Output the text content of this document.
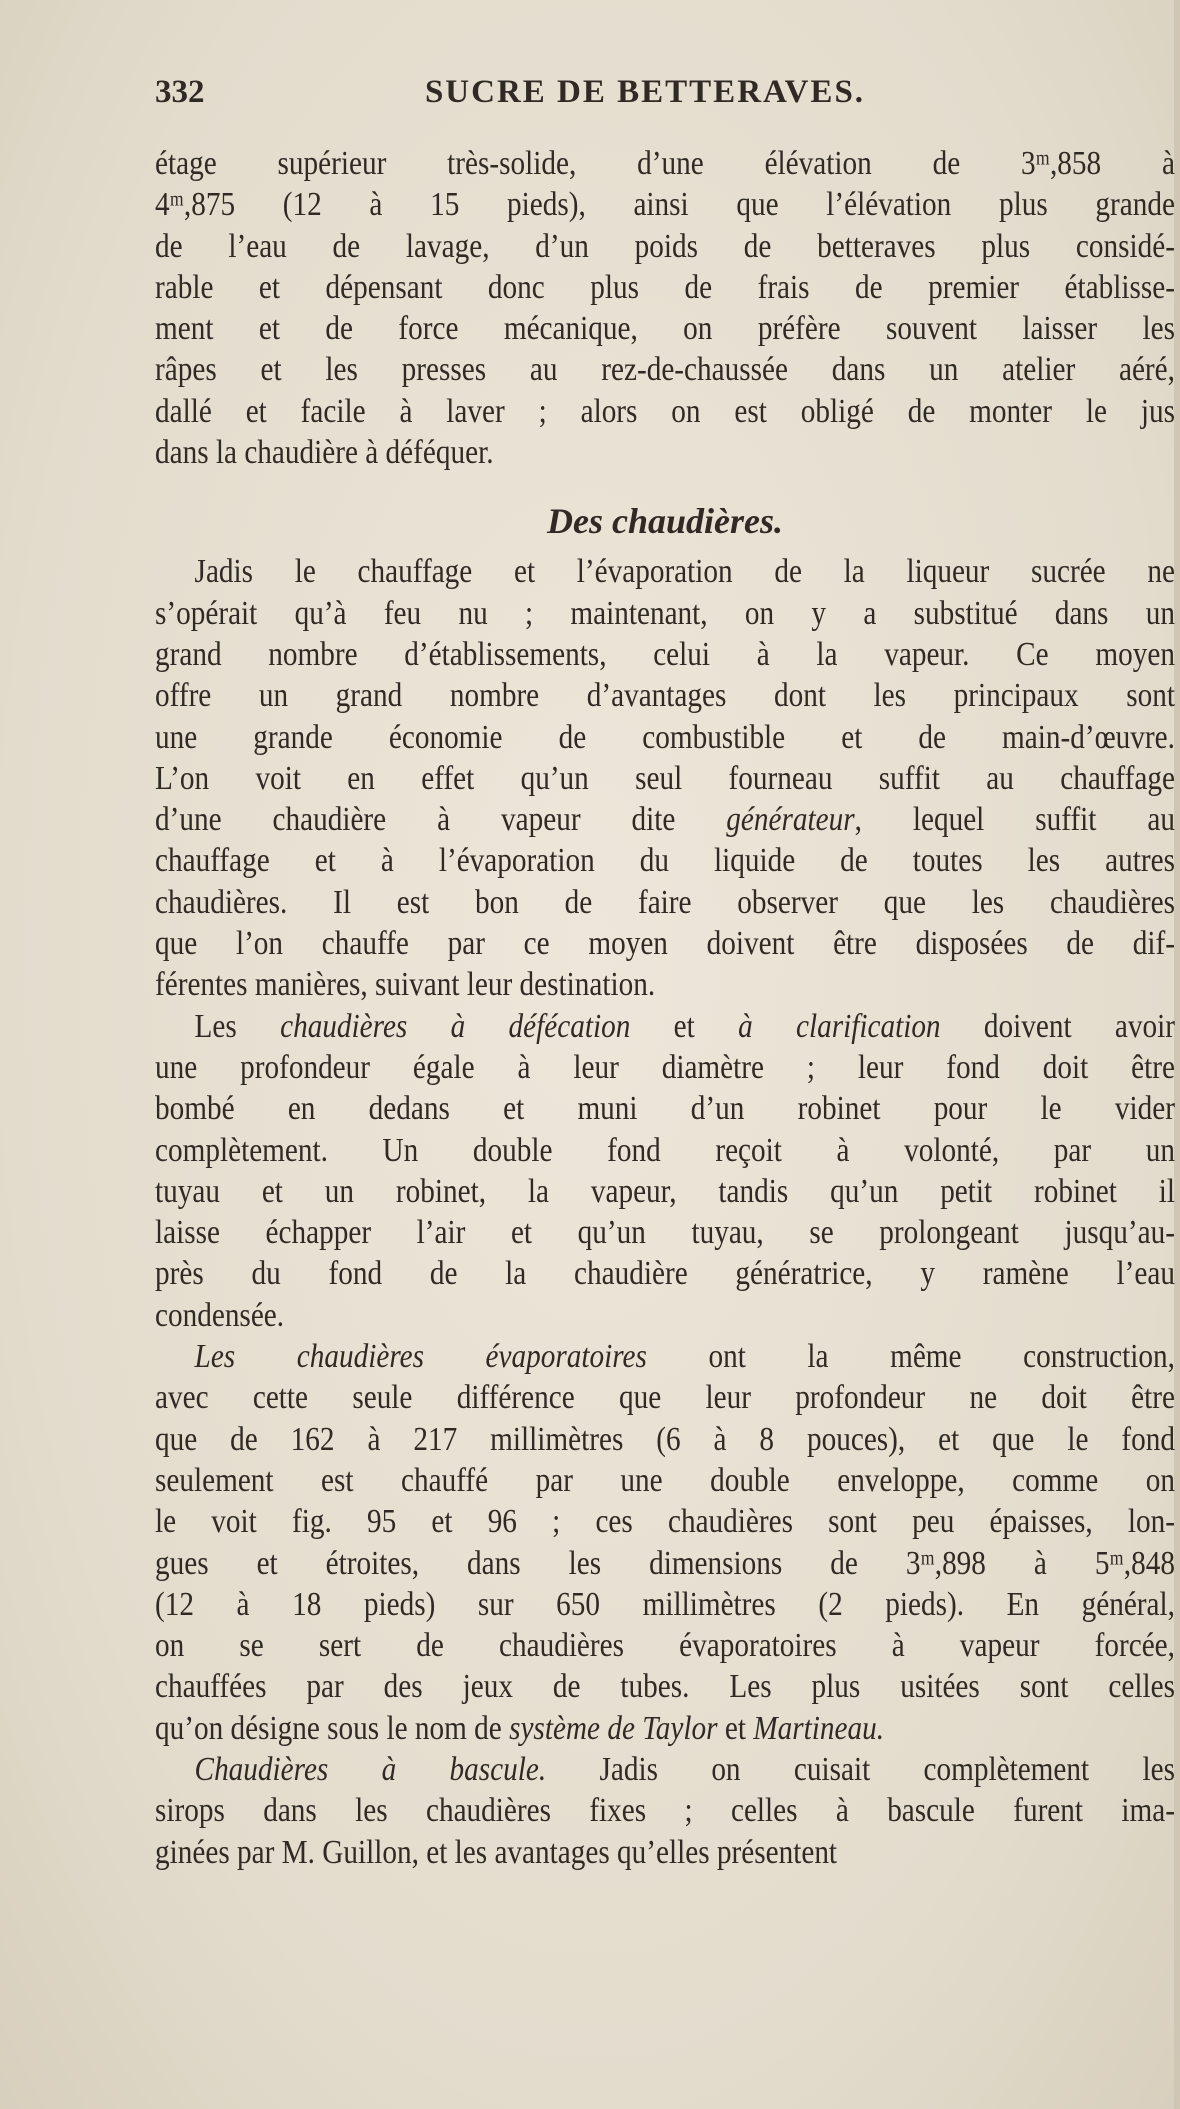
332	SUCRE DE BETTERAVES.
étage supérieur très-solide, d’une élévation de 3ᵐ,858 à
4ᵐ,875 (12 à 15 pieds), ainsi que l’élévation plus grande
de l’eau de lavage, d’un poids de betteraves plus considé-
rable et dépensant donc plus de frais de premier établisse-
ment et de force mécanique, on préfère souvent laisser les
râpes et les presses au rez-de-chaussée dans un atelier aéré,
dallé et facile à laver ; alors on est obligé de monter le jus
dans la chaudière à déféquer.
Des chaudières.
Jadis le chauffage et l’évaporation de la liqueur sucrée ne
s’opérait qu’à feu nu ; maintenant, on y a substitué dans un
grand nombre d’établissements, celui à la vapeur. Ce moyen
offre un grand nombre d’avantages dont les principaux sont
une grande économie de combustible et de main-d’œuvre.
L’on voit en effet qu’un seul fourneau suffit au chauffage
d’une chaudière à vapeur dite générateur, lequel suffit au
chauffage et à l’évaporation du liquide de toutes les autres
chaudières. Il est bon de faire observer que les chaudières
que l’on chauffe par ce moyen doivent être disposées de dif-
férentes manières, suivant leur destination.
Les chaudières à défécation et à clarification doivent avoir
une profondeur égale à leur diamètre ; leur fond doit être
bombé en dedans et muni d’un robinet pour le vider
complètement. Un double fond reçoit à volonté, par un
tuyau et un robinet, la vapeur, tandis qu’un petit robinet il
laisse échapper l’air et qu’un tuyau, se prolongeant jusqu’au-
près du fond de la chaudière génératrice, y ramène l’eau
condensée.
Les chaudières évaporatoires ont la même construction,
avec cette seule différence que leur profondeur ne doit être
que de 162 à 217 millimètres (6 à 8 pouces), et que le fond
seulement est chauffé par une double enveloppe, comme on
le voit fig. 95 et 96 ; ces chaudières sont peu épaisses, lon-
gues et étroites, dans les dimensions de 3ᵐ,898 à 5ᵐ,848
(12 à 18 pieds) sur 650 millimètres (2 pieds). En général,
on se sert de chaudières évaporatoires à vapeur forcée,
chauffées par des jeux de tubes. Les plus usitées sont celles
qu’on désigne sous le nom de système de Taylor et Martineau.
Chaudières à bascule. Jadis on cuisait complètement les
sirops dans les chaudières fixes ; celles à bascule furent ima-
ginées par M. Guillon, et les avantages qu’elles présentent
